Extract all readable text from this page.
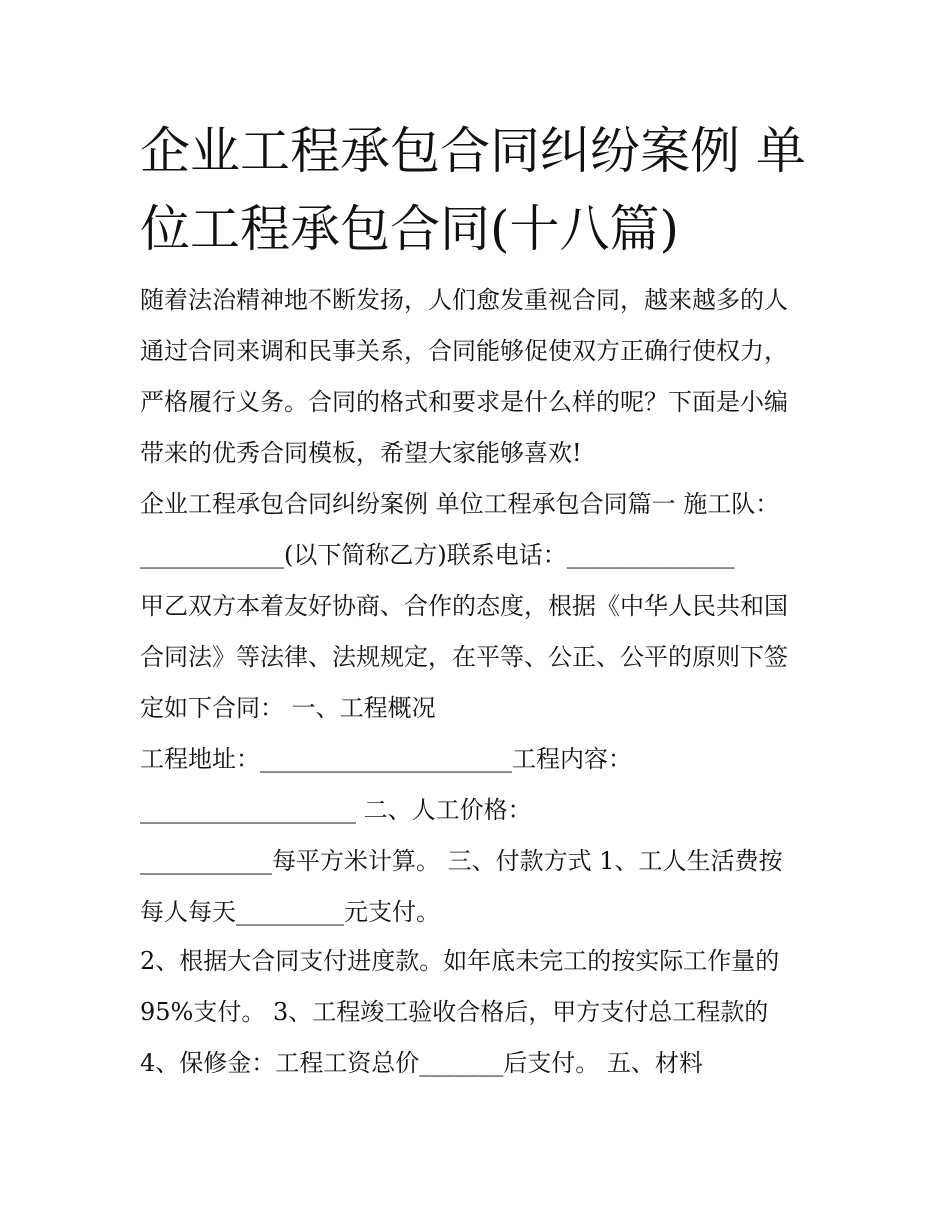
企业工程承包合同纠纷案例 单
位工程承包合同(十八篇)

随着法治精神地不断发扬，人们愈发重视合同，越来越多的人

通过合同来调和民事关系，合同能够促使双方正确行使权力，

严格履行义务。合同的格式和要求是什么样的呢？下面是小编

带来的优秀合同模板，希望大家能够喜欢!

企业工程承包合同纠纷案例 单位工程承包合同篇一 施工队：

____________(以下简称乙方)联系电话：______________

甲乙双方本着友好协商、合作的态度，根据《中华人民共和国

合同法》等法律、法规规定，在平等、公正、公平的原则下签

定如下合同： 一、工程概况

工程地址：_____________________工程内容：

__________________ 二、人工价格：

___________每平方米计算。 三、付款方式 1、工人生活费按

每人每天_________元支付。

2、根据大合同支付进度款。如年底未完工的按实际工作量的

95%支付。 3、工程竣工验收合格后，甲方支付总工程款的

4、保修金：工程工资总价_______后支付。 五、材料
